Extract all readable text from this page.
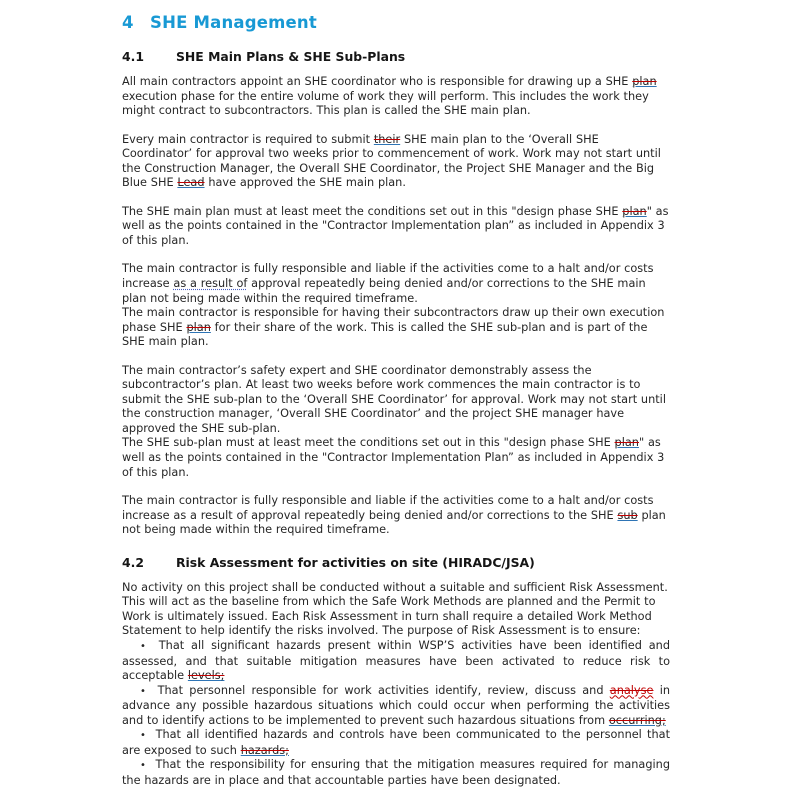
4 SHE Management
4.1	SHE Main Plans & SHE Sub-Plans

All main contractors appoint an SHE coordinator who is responsible for drawing up a SHE plan execution phase for the entire volume of work they will perform. This includes the work they might contract to subcontractors. This plan is called the SHE main plan.

Every main contractor is required to submit their SHE main plan to the ‘Overall SHE Coordinator’ for approval two weeks prior to commencement of work. Work may not start until the Construction Manager, the Overall SHE Coordinator, the Project SHE Manager and the Big Blue SHE Lead have approved the SHE main plan.

The SHE main plan must at least meet the conditions set out in this "design phase SHE plan" as well as the points contained in the "Contractor Implementation plan” as included in Appendix 3 of this plan.

The main contractor is fully responsible and liable if the activities come to a halt and/or costs increase as a result of approval repeatedly being denied and/or corrections to the SHE main plan not being made within the required timeframe.

The main contractor is responsible for having their subcontractors draw up their own execution phase SHE plan for their share of the work. This is called the SHE sub-plan and is part of the SHE main plan.

The main contractor’s safety expert and SHE coordinator demonstrably assess the subcontractor’s plan. At least two weeks before work commences the main contractor is to submit the SHE sub-plan to the ‘Overall SHE Coordinator’ for approval. Work may not start until the construction manager, ‘Overall SHE Coordinator’ and the project SHE manager have approved the SHE sub-plan.

The SHE sub-plan must at least meet the conditions set out in this "design phase SHE plan" as well as the points contained in the "Contractor Implementation Plan” as included in Appendix 3 of this plan.

The main contractor is fully responsible and liable if the activities come to a halt and/or costs increase as a result of approval repeatedly being denied and/or corrections to the SHE sub plan not being made within the required timeframe.

4.2	Risk Assessment for activities on site (HIRADC/JSA)

No activity on this project shall be conducted without a suitable and sufficient Risk Assessment. This will act as the baseline from which the Safe Work Methods are planned and the Permit to Work is ultimately issued. Each Risk Assessment in turn shall require a detailed Work Method Statement to help identify the risks involved. The purpose of Risk Assessment is to ensure:

•  That all significant hazards present within WSP’S activities have been identified and assessed, and that suitable mitigation measures have been activated to reduce risk to acceptable levels;

•  That personnel responsible for work activities identify, review, discuss and analyse in advance any possible hazardous situations which could occur when performing the activities and to identify actions to be implemented to prevent such hazardous situations from occurring;

•  That all identified hazards and controls have been communicated to the personnel that are exposed to such hazards;

•  That the responsibility for ensuring that the mitigation measures required for managing the hazards are in place and that accountable parties have been designated.
